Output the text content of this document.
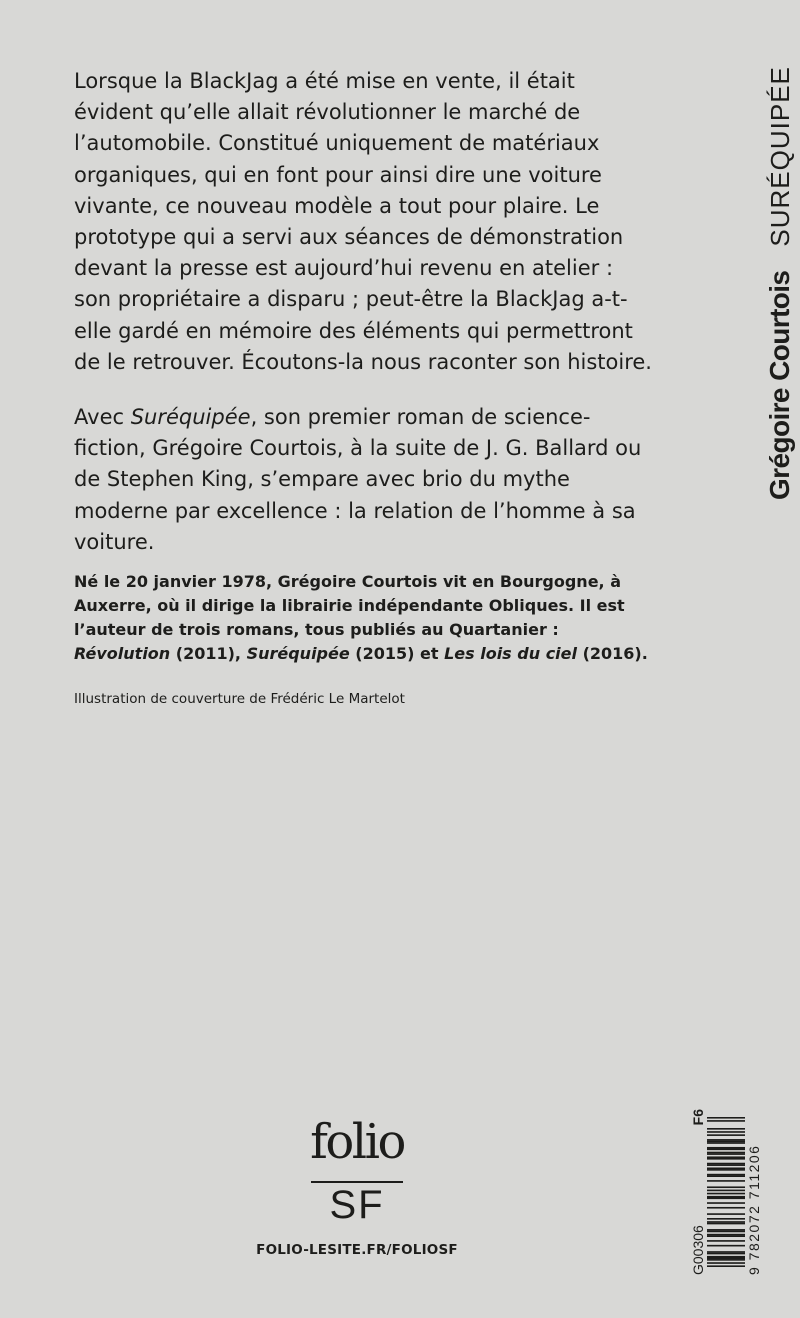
Lorsque la BlackJag a été mise en vente, il était évident qu’elle allait révolutionner le marché de l’automobile. Constitué uniquement de matériaux organiques, qui en font pour ainsi dire une voiture vivante, ce nouveau modèle a tout pour plaire. Le prototype qui a servi aux séances de démonstration devant la presse est aujourd’hui revenu en atelier : son propriétaire a disparu ; peut-être la BlackJag a-t-elle gardé en mémoire des éléments qui permettront de le retrouver. Écoutons-la nous raconter son histoire.

Avec Suréquipée, son premier roman de science-fiction, Grégoire Courtois, à la suite de J. G. Ballard ou de Stephen King, s’empare avec brio du mythe moderne par excellence : la relation de l’homme à sa voiture.

Né le 20 janvier 1978, Grégoire Courtois vit en Bourgogne, à Auxerre, où il dirige la librairie indépendante Obliques. Il est l’auteur de trois romans, tous publiés au Quartanier : Révolution (2011), Suréquipée (2015) et Les lois du ciel (2016).
Illustration de couverture de Frédéric Le Martelot
Grégoire Courtois
SURÉQUIPÉE
folio
SF
FOLIO-LESITE.FR/FOLIOSF	G00306
F6
9 782072 711206
